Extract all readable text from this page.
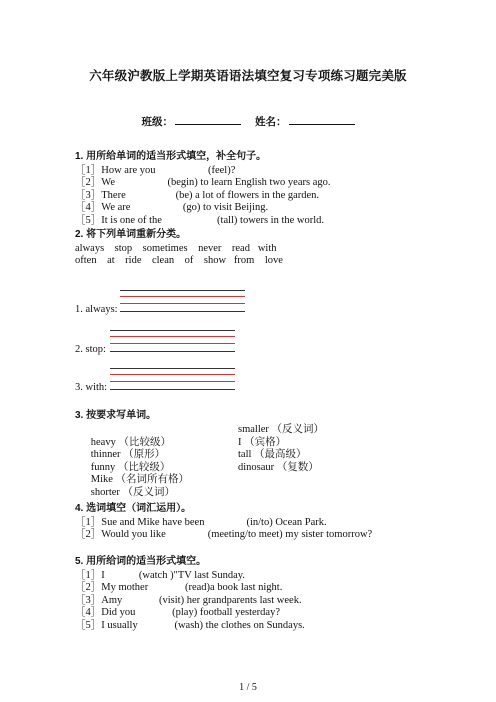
六年级沪教版上学期英语语法填空复习专项练习题完美版
班级：	姓名：
1. 用所给单词的适当形式填空，补全句子。
［1］How are you                    (feel)?
［2］We                    (begin) to learn English two years ago.
［3］There                   (be) a lot of flowers in the garden.
［4］We are                    (go) to visit Beijing.
［5］It is one of the                     (tall) towers in the world.
2. 将下列单词重新分类。
always    stop    sometimes    never    read   with
often    at    ride    clean    of    show   from    love
1. always:
2. stop:
3. with:
3. 按要求写单词。

heavy （比较级）

smaller （反义词）

thinner （原形）

I （宾格）

funny （比较级）

tall （最高级）

Mike （名词所有格）

dinosaur （复数）

shorter （反义词）

4. 选词填空（词汇运用）。
［1］Sue and Mike have been                (in/to) Ocean Park.
［2］Would you like                (meeting/to meet) my sister tomorrow?
5. 用所给词的适当形式填空。
［1］I             (watch )"TV last Sunday.
［2］My mother              (read)a book last night.
［3］Amy              (visit) her grandparents last week.
［4］Did you              (play) football yesterday?
［5］I usually              (wash) the clothes on Sundays.
1 / 5
